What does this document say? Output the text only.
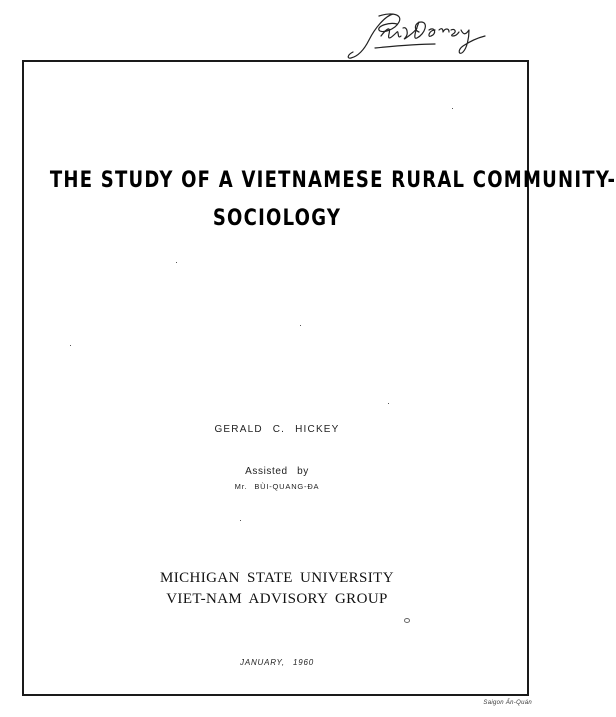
THE STUDY OF A VIETNAMESE RURAL COMMUNITY-
SOCIOLOGY
GERALD C. HICKEY
Assisted by
Mr. BÙI-QUANG-ĐA
MICHIGAN STATE UNIVERSITY
VIET-NAM ADVISORY GROUP
JANUARY, 1960
Saigon Ấn-Quán
